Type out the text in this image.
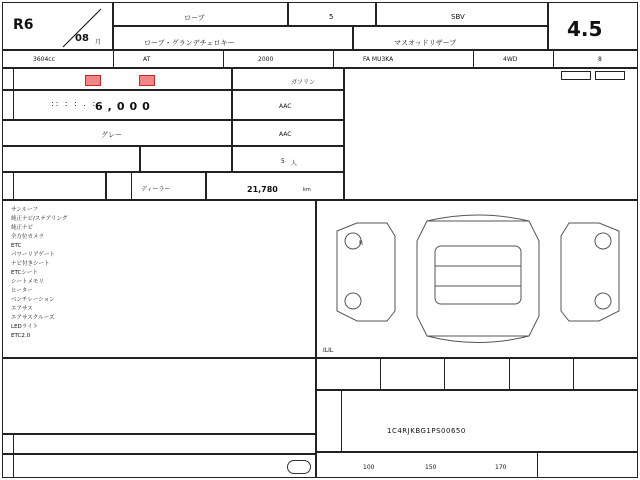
R6
08 月
ローブ	5	SBV
ローブ・グランデチェロキー	マスオッドリザーブ
4.5
3604cc	AT	2000	FA MU3KA	4WD	8
ガソリン
:: : : . :
6,000	AAC
グレー	AAC
5 人
ディーラー	21,780	km
サンルーフ
純正ナビ/ステアリング
純正ナビ
全方位カメラ
ETC
パワーリアゲート
ナビ付きシート
ETCシート
シートメモリ
ヒーター
ベンチレーション
エアサス
エアサスクルーズ
LEDライト
ETC2.0
R
ILIL
1C4RJKBG1PS00650
100	150	170
